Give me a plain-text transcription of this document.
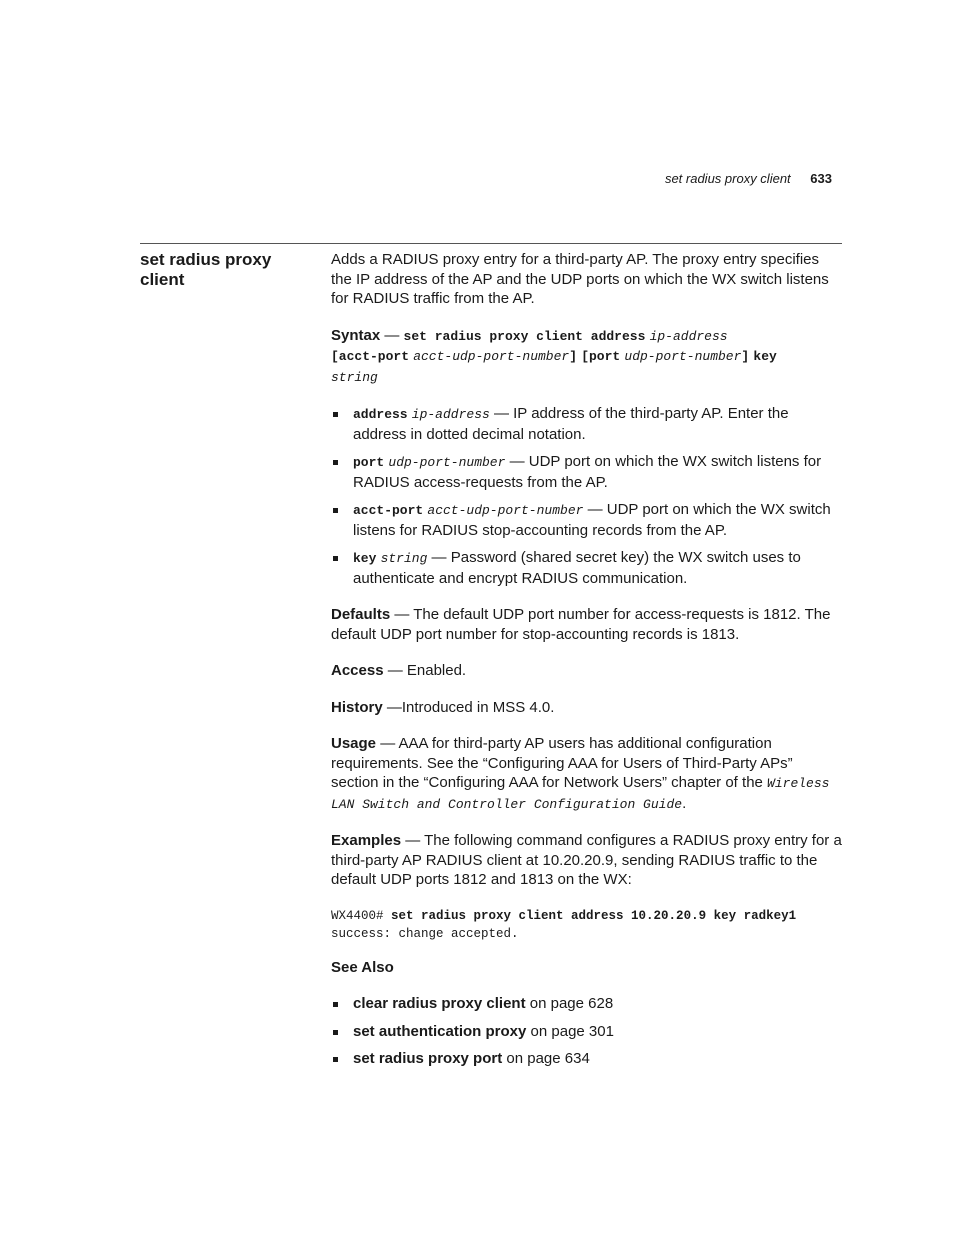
set radius proxy client 633
set radius proxy client

Adds a RADIUS proxy entry for a third-party AP. The proxy entry specifies the IP address of the AP and the UDP ports on which the WX switch listens for RADIUS traffic from the AP.

Syntax — set radius proxy client address ip-address
[acct-port acct-udp-port-number] [port udp-port-number] key
string

address ip-address — IP address of the third-party AP. Enter the address in dotted decimal notation.
port udp-port-number — UDP port on which the WX switch listens for RADIUS access-requests from the AP.
acct-port acct-udp-port-number — UDP port on which the WX switch listens for RADIUS stop-accounting records from the AP.
key string — Password (shared secret key) the WX switch uses to authenticate and encrypt RADIUS communication.

Defaults — The default UDP port number for access-requests is 1812. The default UDP port number for stop-accounting records is 1813.

Access — Enabled.

History —Introduced in MSS 4.0.

Usage — AAA for third-party AP users has additional configuration requirements. See the “Configuring AAA for Users of Third-Party APs” section in the “Configuring AAA for Network Users” chapter of the Wireless LAN Switch and Controller Configuration Guide.

Examples — The following command configures a RADIUS proxy entry for a third-party AP RADIUS client at 10.20.20.9, sending RADIUS traffic to the default UDP ports 1812 and 1813 on the WX:

WX4400# set radius proxy client address 10.20.20.9 key radkey1
success: change accepted.
See Also
clear radius proxy client on page 628
set authentication proxy on page 301
set radius proxy port on page 634
